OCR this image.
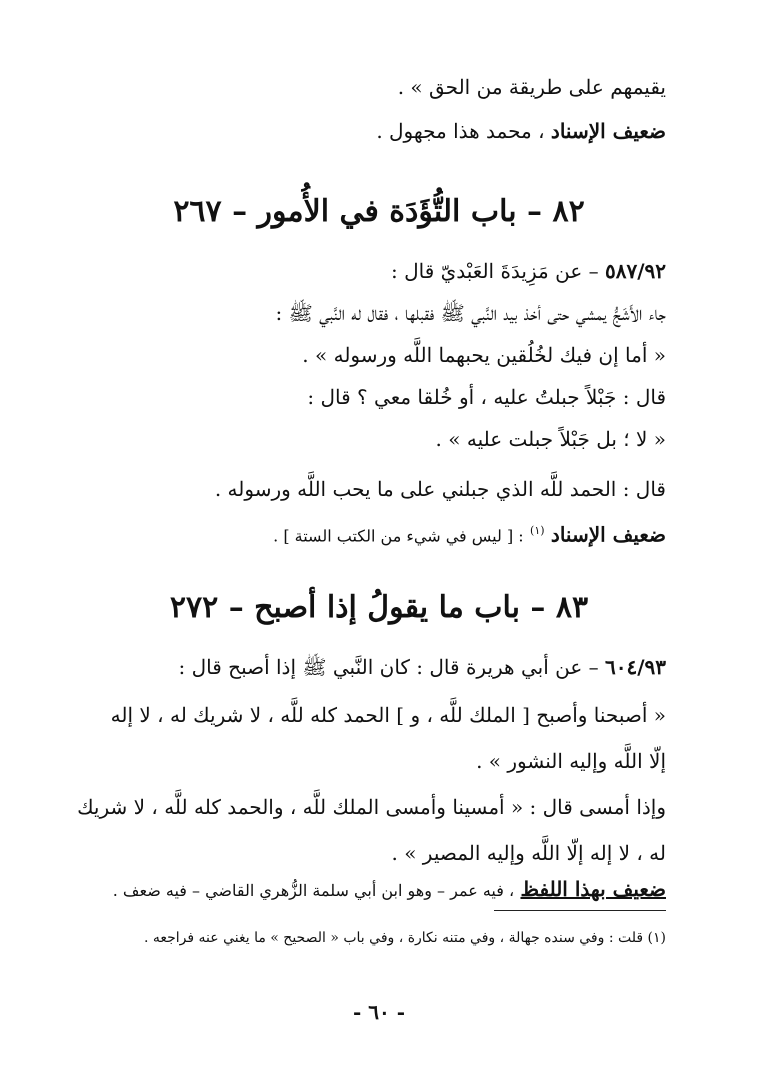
يقيمهم على طريقة من الحق » .
ضعيف الإسناد ، محمد هذا مجهول .
٨٢ – باب التُّؤَدَة في الأُمور – ٢٦٧
٥٨٧/٩٢ – عن مَزِيدَةَ العَبْديّ قال :
جاء الأَشَجُّ يمشي حتى أخذ بيد النَّبي ﷺ فقبلها ، فقال له النَّبي ﷺ :
« أما إن فيك لخُلُقين يحبهما اللَّه ورسوله » .
قال : جَبْلاً جبلتُ عليه ، أو خُلقا معي ؟ قال :
« لا ؛ بل جَبْلاً جبلت عليه » .
قال : الحمد للَّه الذي جبلني على ما يحب اللَّه ورسوله .
ضعيف الإسناد $^{(١)}$ : [ ليس في شيء من الكتب الستة ] .
٨٣ – باب ما يقولُ إذا أصبح – ٢٧٢
٦٠٤/٩٣ – عن أبي هريرة قال : كان النَّبي ﷺ إذا أصبح قال :
« أصبحنا وأصبح [ الملك للَّه ، و ] الحمد كله للَّه ، لا شريك له ، لا إله
إلّا اللَّه وإليه النشور » .
وإذا أمسى قال : « أمسينا وأمسى الملك للَّه ، والحمد كله للَّه ، لا شريك
له ، لا إله إلّا اللَّه وإليه المصير » .
ضعيف بهذا اللفظ ، فيه عمر – وهو ابن أبي سلمة الزُّهري القاضي – فيه ضعف .
(١) قلت : وفي سنده جهالة ، وفي متنه نكارة ، وفي باب « الصحيح » ما يغني عنه فراجعه .
- ٦٠ -
